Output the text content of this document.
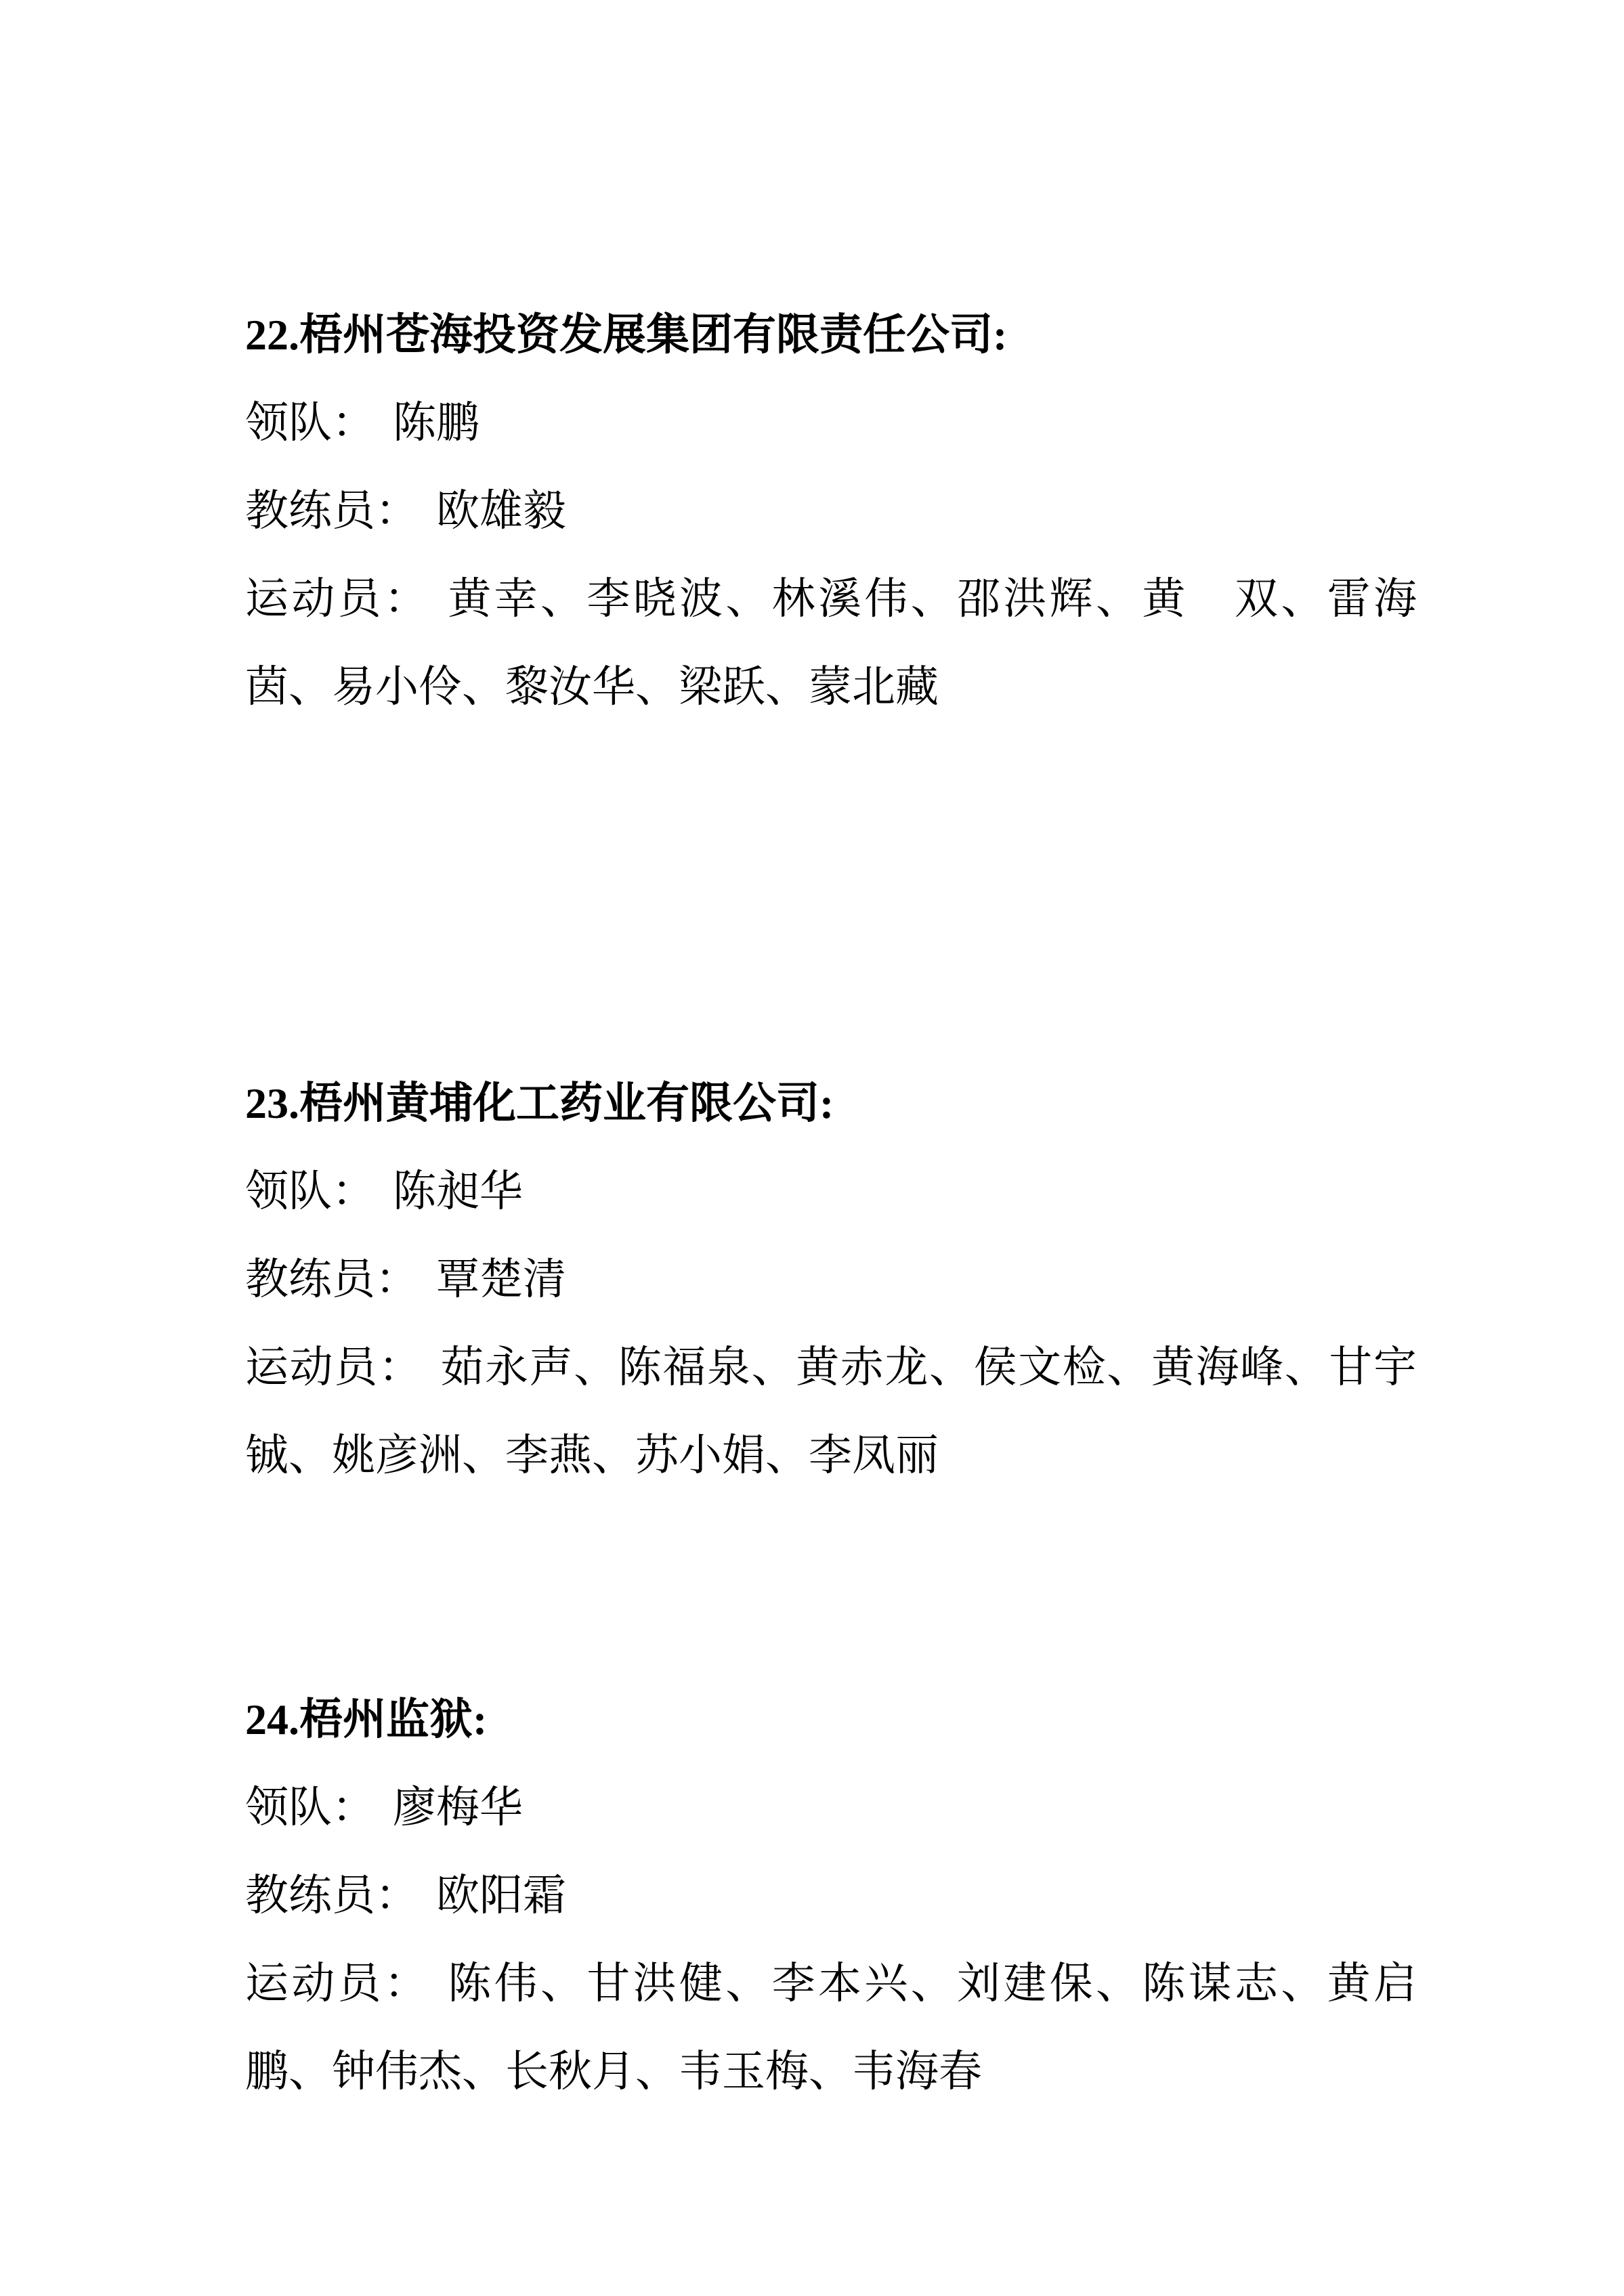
22.梧州苍海投资发展集团有限责任公司:

领队： 陈鹏

教练员： 欧雄毅

运动员： 黄幸、李晓波、林溪伟、邵洪辉、黄　双、雷海茵、易小伶、黎汝华、梁跃、蒙北藏

23.梧州黄埔化工药业有限公司:

领队： 陈昶华

教练员： 覃楚清

运动员： 茹永声、陈福泉、黄赤龙、侯文检、黄海峰、甘宇铖、姚彦洲、李燕、苏小娟、李凤丽

24.梧州监狱:

领队： 廖梅华

教练员： 欧阳霜

运动员： 陈伟、甘洪健、李本兴、刘建保、陈谋志、黄启鹏、钟伟杰、长秋月、韦玉梅、韦海春
